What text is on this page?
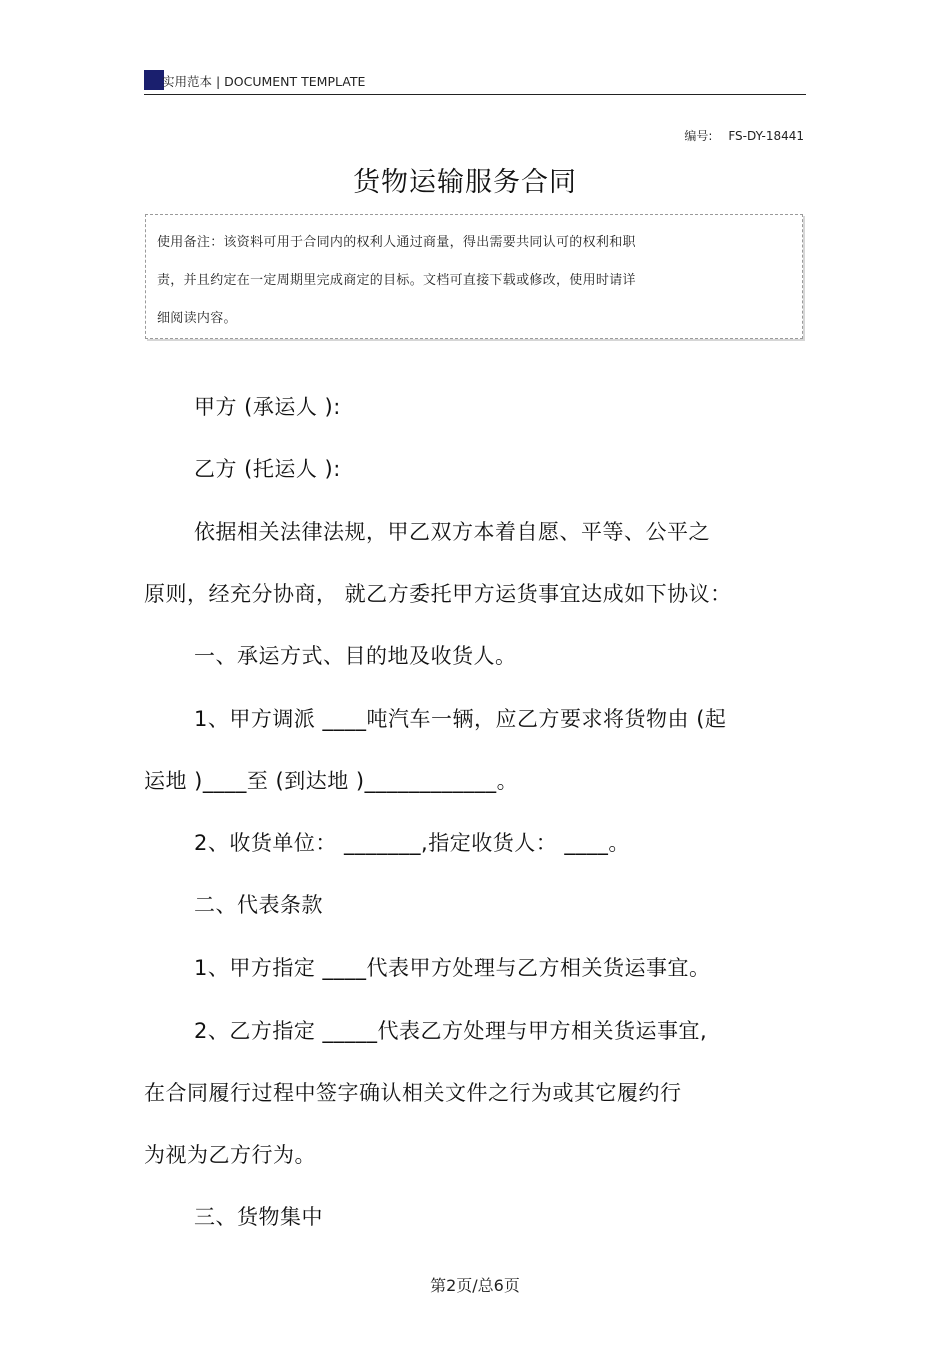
实用范本 | DOCUMENT TEMPLATE
编号: FS-DY-18441
货物运输服务合同
使用备注：该资料可用于合同内的权利人通过商量，得出需要共同认可的权利和职
责，并且约定在一定周期里完成商定的目标。文档可直接下载或修改，使用时请详
细阅读内容。
甲方 (承运人 ):
乙方 (托运人 ):
依据相关法律法规，甲乙双方本着自愿、平等、公平之
原则，经充分协商， 就乙方委托甲方运货事宜达成如下协议：
一、承运方式、目的地及收货人。
1、甲方调派 ____吨汽车一辆，应乙方要求将货物由 (起
运地 )____至 (到达地 )____________。
2、收货单位： _______,指定收货人： ____。
二、代表条款
1、甲方指定 ____代表甲方处理与乙方相关货运事宜。
2、乙方指定 _____代表乙方处理与甲方相关货运事宜,
在合同履行过程中签字确认相关文件之行为或其它履约行
为视为乙方行为。
三、货物集中
第2页/总6页
